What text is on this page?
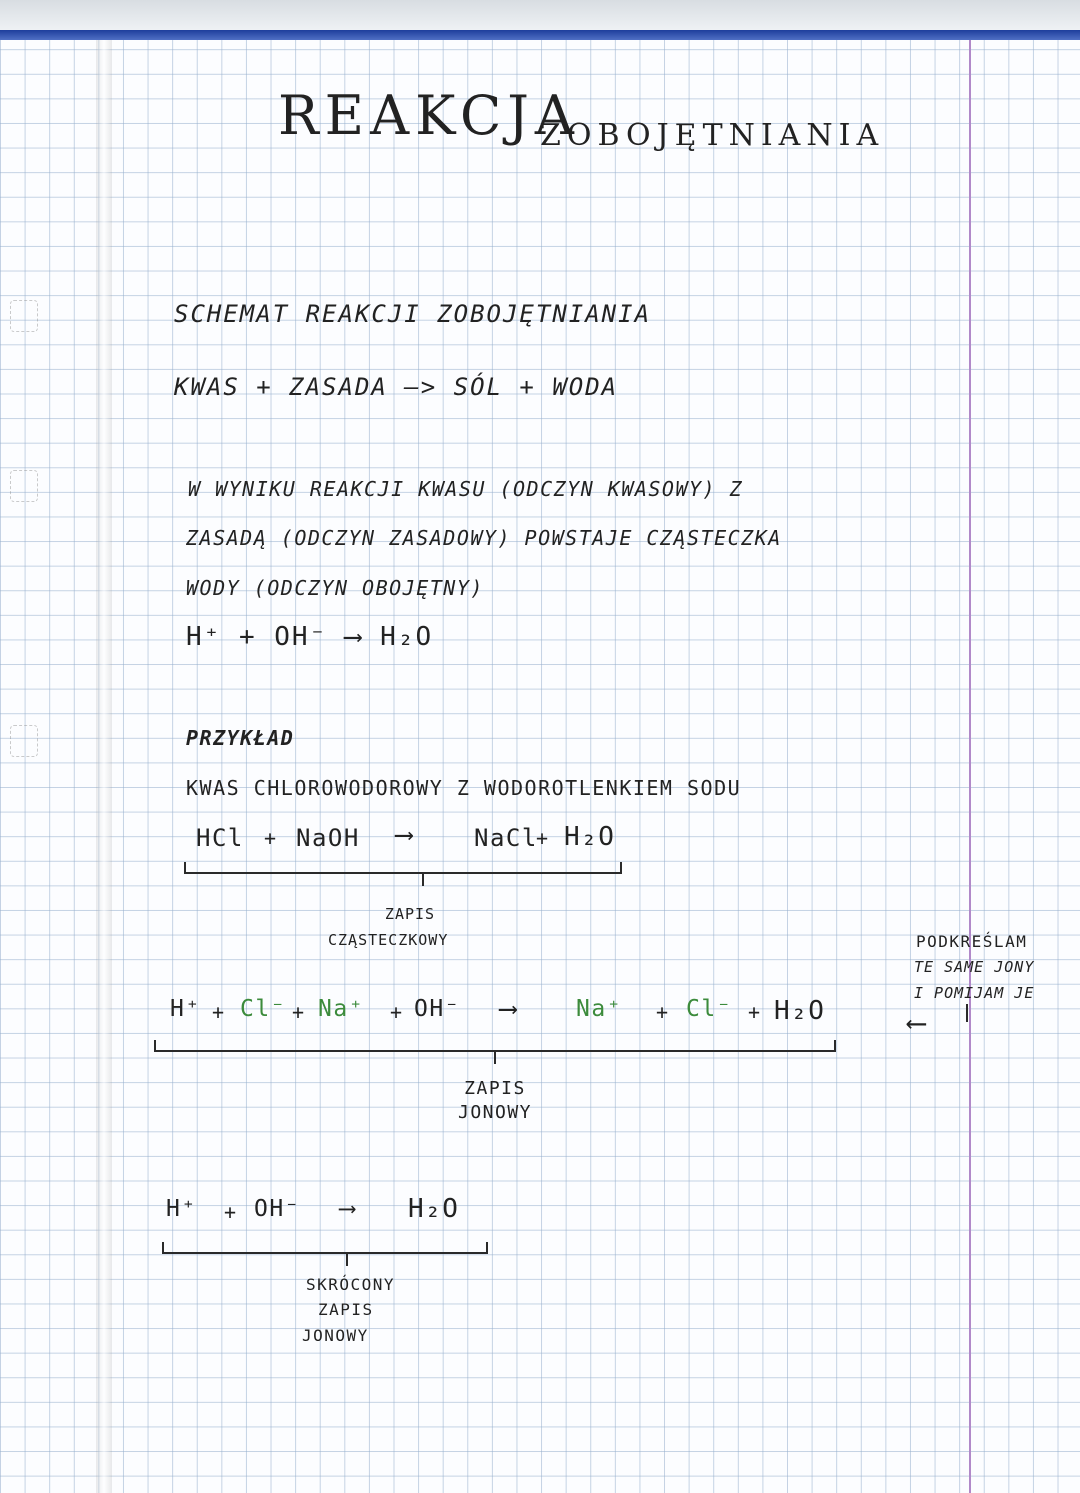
REAKCJA
ZOBOJĘTNIANIA
SCHEMAT REAKCJI ZOBOJĘTNIANIA
KWAS + ZASADA —> SÓL + WODA
W WYNIKU REAKCJI KWASU (ODCZYN KWASOWY) Z
ZASADĄ (ODCZYN ZASADOWY) POWSTAJE CZĄSTECZKA
WODY (ODCZYN OBOJĘTNY)
H⁺ + OH⁻ ⟶ H₂O
PRZYKŁAD
KWAS CHLOROWODOROWY Z WODOROTLENKIEM SODU
HCl + NaOH ⟶	NaCl
+ H₂O
ZAPIS
CZĄSTECZKOWY
H⁺ + Cl⁻ + Na⁺ + OH⁻ ⟶	Na⁺ + Cl⁻ + H₂O
ZAPIS
JONOWY
H⁺ + OH⁻ ⟶ H₂O
SKRÓCONY
ZAPIS
JONOWY
PODKREŚLAM
TE SAME JONY
I POMIJAM JE
⟵
